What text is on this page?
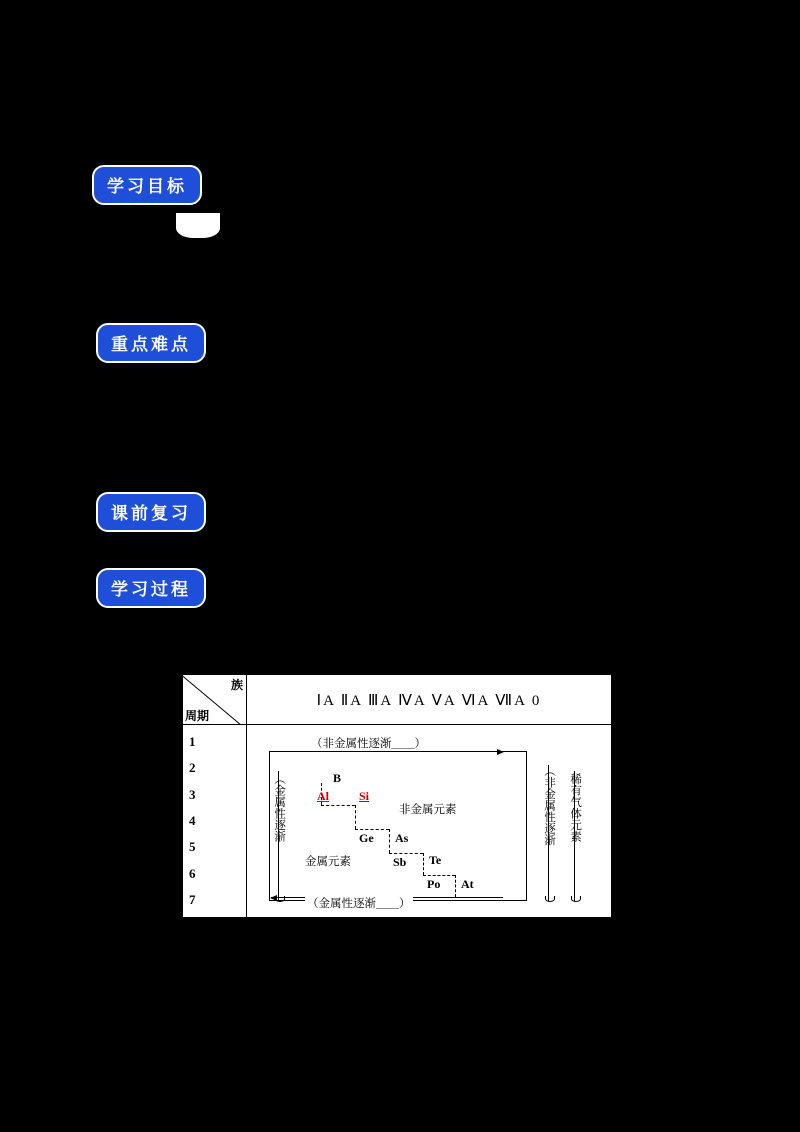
学习目标
重点难点
课前复习
学习过程
族
周期
ⅠA ⅡA ⅢA ⅣA ⅤA ⅥA ⅦA 0
1
2
3
4
5
6
7
（非金属性逐渐＿＿）
（金属性逐渐＿＿）
（金属性逐渐	（非金属性逐渐 稀有气体元素
非金属元素
金属元素
B
Al	Si
Ge As
Sb Te
Po At
